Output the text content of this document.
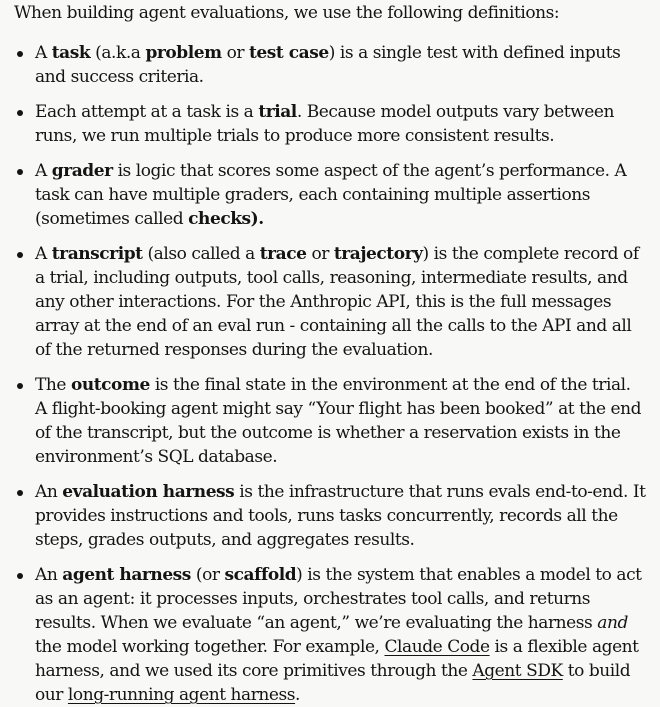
When building agent evaluations, we use the following definitions:

A task (a.k.a problem or test case) is a single test with defined inputs and success criteria.
Each attempt at a task is a trial. Because model outputs vary between runs, we run multiple trials to produce more consistent results.
A grader is logic that scores some aspect of the agent’s performance. A task can have multiple graders, each containing multiple assertions (sometimes called checks).
A transcript (also called a trace or trajectory) is the complete record of a trial, including outputs, tool calls, reasoning, intermediate results, and any other interactions. For the Anthropic API, this is the full messages array at the end of an eval run - containing all the calls to the API and all of the returned responses during the evaluation.
The outcome is the final state in the environment at the end of the trial. A flight-booking agent might say “Your flight has been booked” at the end of the transcript, but the outcome is whether a reservation exists in the environment’s SQL database.
An evaluation harness is the infrastructure that runs evals end-to-end. It provides instructions and tools, runs tasks concurrently, records all the steps, grades outputs, and aggregates results.
An agent harness (or scaffold) is the system that enables a model to act as an agent: it processes inputs, orchestrates tool calls, and returns results. When we evaluate “an agent,” we’re evaluating the harness and the model working together. For example, Claude Code is a flexible agent harness, and we used its core primitives through the Agent SDK to build our long-running agent harness.
